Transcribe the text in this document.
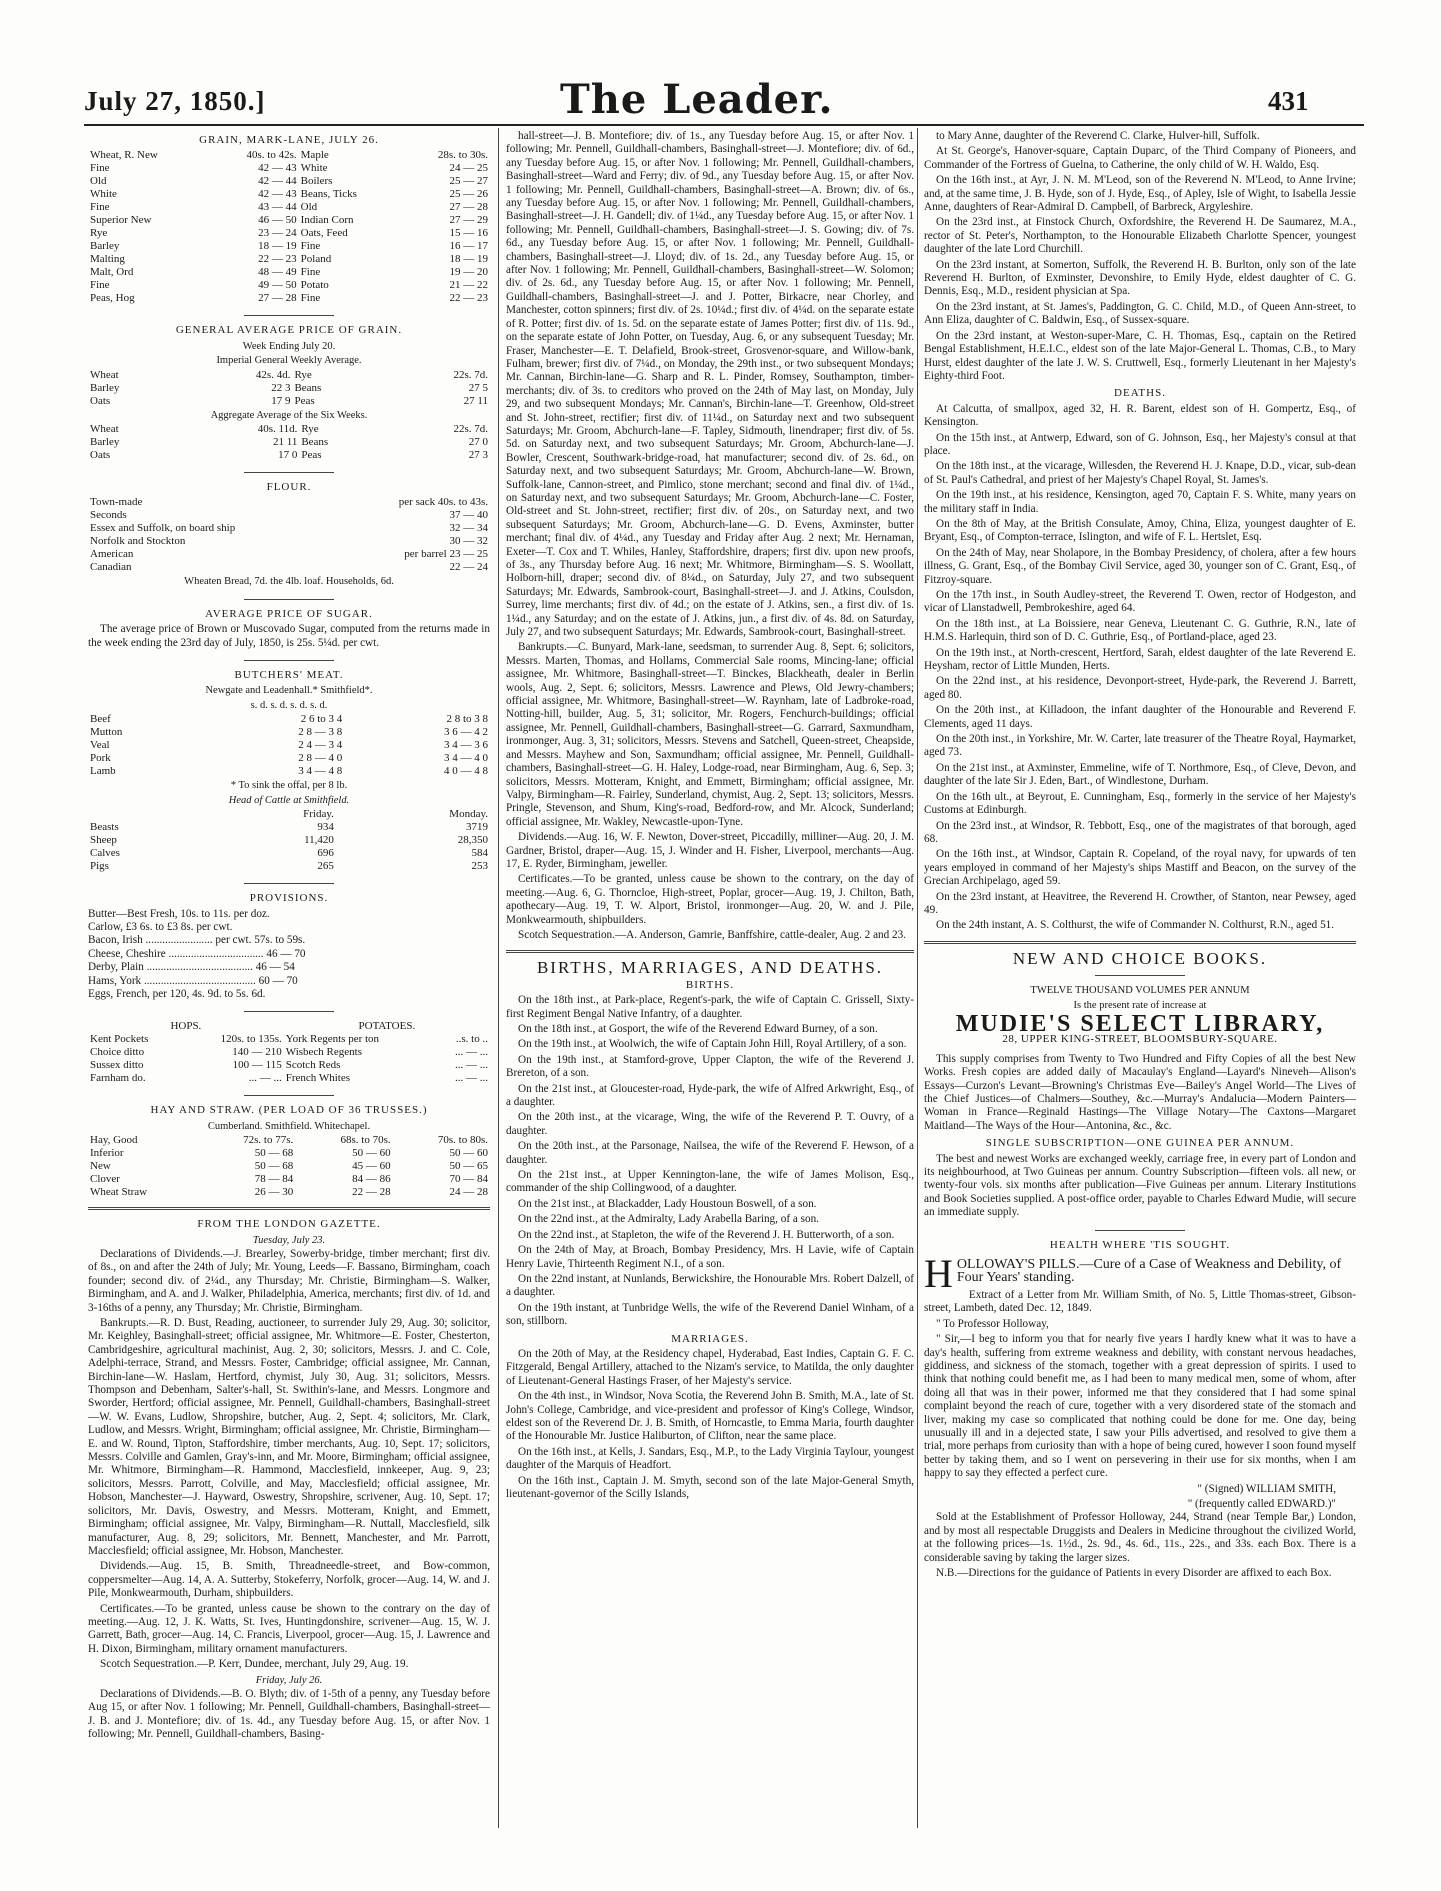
July 27, 1850.]	The Leader.	431
GRAIN, MARK-LANE, JULY 26.
Wheat, R. New	40s. to 42s.	Maple	28s. to 30s.
Fine	42 — 43	White	24 — 25
Old	42 — 44	Boilers	25 — 27
White	42 — 43	Beans, Ticks	25 — 26
Fine	43 — 44	Old	27 — 28
Superior New	46 — 50	Indian Corn	27 — 29
Rye	23 — 24	Oats, Feed	15 — 16
Barley	18 — 19	Fine	16 — 17
Malting	22 — 23	Poland	18 — 19
Malt, Ord	48 — 49	Fine	19 — 20
Fine	49 — 50	Potato	21 — 22
Peas, Hog	27 — 28	Fine	22 — 23
GENERAL AVERAGE PRICE OF GRAIN.
Week Ending July 20.
Imperial General Weekly Average.
Wheat	42s. 4d.	Rye	22s. 7d.
Barley	22 3	Beans	27 5
Oats	17 9	Peas	27 11
Aggregate Average of the Six Weeks.
Wheat	40s. 11d.	Rye	22s. 7d.
Barley	21 11	Beans	27 0
Oats	17 0	Peas	27 3
FLOUR.
Town-made	per sack 40s. to 43s.
Seconds	37 — 40
Essex and Suffolk, on board ship	32 — 34
Norfolk and Stockton	30 — 32
American	per barrel 23 — 25
Canadian	22 — 24
Wheaten Bread, 7d. the 4lb. loaf. Households, 6d.
AVERAGE PRICE OF SUGAR.

The average price of Brown or Muscovado Sugar, computed from the returns made in the week ending the 23rd day of July, 1850, is 25s. 5¼d. per cwt.

BUTCHERS' MEAT.
Newgate and Leadenhall.* Smithfield*.
s. d. s. d. s. d. s. d.
Beef	2 6 to 3 4	2 8 to 3 8
Mutton	2 8 — 3 8	3 6 — 4 2
Veal	2 4 — 3 4	3 4 — 3 6
Pork	2 8 — 4 0	3 4 — 4 0
Lamb	3 4 — 4 8	4 0 — 4 8
* To sink the offal, per 8 lb.
Head of Cattle at Smithfield.
	Friday.	Monday.
Beasts	934	3719
Sheep	11,420	28,350
Calves	696	584
Pigs	265	253
PROVISIONS.
Butter—Best Fresh, 10s. to 11s. per doz.
Carlow, £3 6s. to £3 8s. per cwt.
Bacon, Irish ........................ per cwt. 57s. to 59s.
Cheese, Cheshire .................................. 46 — 70
Derby, Plain ...................................... 46 — 54
Hams, York ........................................ 60 — 70
Eggs, French, per 120, 4s. 9d. to 5s. 6d.
HOPS.		POTATOES.	
Kent Pockets	120s. to 135s.	York Regents per ton	..s. to ..
Choice ditto	140 — 210	Wisbech Regents	... — ...
Sussex ditto	100 — 115	Scotch Reds	... — ...
Farnham do.	... — ...	French Whites	... — ...
HAY AND STRAW. (PER LOAD OF 36 TRUSSES.)
Cumberland. Smithfield. Whitechapel.
Hay, Good	72s. to 77s.	68s. to 70s.	70s. to 80s.
Inferior	50 — 68	50 — 60	50 — 60
New	50 — 68	45 — 60	50 — 65
Clover	78 — 84	84 — 86	70 — 84
Wheat Straw	26 — 30	22 — 28	24 — 28
FROM THE LONDON GAZETTE.
Tuesday, July 23.

Declarations of Dividends.—J. Brearley, Sowerby-bridge, timber merchant; first div. of 8s., on and after the 24th of July; Mr. Young, Leeds—F. Bassano, Birmingham, coach founder; second div. of 2¼d., any Thursday; Mr. Christie, Birmingham—S. Walker, Birmingham, and A. and J. Walker, Philadelphia, America, merchants; first div. of 1d. and 3-16ths of a penny, any Thursday; Mr. Christie, Birmingham.

Bankrupts.—R. D. Bust, Reading, auctioneer, to surrender July 29, Aug. 30; solicitor, Mr. Keighley, Basinghall-street; official assignee, Mr. Whitmore—E. Foster, Chesterton, Cambridgeshire, agricultural machinist, Aug. 2, 30; solicitors, Messrs. J. and C. Cole, Adelphi-terrace, Strand, and Messrs. Foster, Cambridge; official assignee, Mr. Cannan, Birchin-lane—W. Haslam, Hertford, chymist, July 30, Aug. 31; solicitors, Messrs. Thompson and Debenham, Salter's-hall, St. Swithin's-lane, and Messrs. Longmore and Sworder, Hertford; official assignee, Mr. Pennell, Guildhall-chambers, Basinghall-street—W. W. Evans, Ludlow, Shropshire, butcher, Aug. 2, Sept. 4; solicitors, Mr. Clark, Ludlow, and Messrs. Wright, Birmingham; official assignee, Mr. Christie, Birmingham—E. and W. Round, Tipton, Staffordshire, timber merchants, Aug. 10, Sept. 17; solicitors, Messrs. Colville and Gamlen, Gray's-inn, and Mr. Moore, Birmingham; official assignee, Mr. Whitmore, Birmingham—R. Hammond, Macclesfield, innkeeper, Aug. 9, 23; solicitors, Messrs. Parrott, Colville, and May, Macclesfield; official assignee, Mr. Hobson, Manchester—J. Hayward, Oswestry, Shropshire, scrivener, Aug. 10, Sept. 17; solicitors, Mr. Davis, Oswestry, and Messrs. Motteram, Knight, and Emmett, Birmingham; official assignee, Mr. Valpy, Birmingham—R. Nuttall, Macclesfield, silk manufacturer, Aug. 8, 29; solicitors, Mr. Bennett, Manchester, and Mr. Parrott, Macclesfield; official assignee, Mr. Hobson, Manchester.

Dividends.—Aug. 15, B. Smith, Threadneedle-street, and Bow-common, coppersmelter—Aug. 14, A. A. Sutterby, Stokeferry, Norfolk, grocer—Aug. 14, W. and J. Pile, Monkwearmouth, Durham, shipbuilders.

Certificates.—To be granted, unless cause be shown to the contrary on the day of meeting.—Aug. 12, J. K. Watts, St. Ives, Huntingdonshire, scrivener—Aug. 15, W. J. Garrett, Bath, grocer—Aug. 14, C. Francis, Liverpool, grocer—Aug. 15, J. Lawrence and H. Dixon, Birmingham, military ornament manufacturers.

Scotch Sequestration.—P. Kerr, Dundee, merchant, July 29, Aug. 19.

Friday, July 26.

Declarations of Dividends.—B. O. Blyth; div. of 1-5th of a penny, any Tuesday before Aug 15, or after Nov. 1 following; Mr. Pennell, Guildhall-chambers, Basinghall-street—J. B. and J. Montefiore; div. of 1s. 4d., any Tuesday before Aug. 15, or after Nov. 1 following; Mr. Pennell, Guildhall-chambers, Basing-

hall-street—J. B. Montefiore; div. of 1s., any Tuesday before Aug. 15, or after Nov. 1 following; Mr. Pennell, Guildhall-chambers, Basinghall-street—J. Montefiore; div. of 6d., any Tuesday before Aug. 15, or after Nov. 1 following; Mr. Pennell, Guildhall-chambers, Basinghall-street—Ward and Ferry; div. of 9d., any Tuesday before Aug. 15, or after Nov. 1 following; Mr. Pennell, Guildhall-chambers, Basinghall-street—A. Brown; div. of 6s., any Tuesday before Aug. 15, or after Nov. 1 following; Mr. Pennell, Guildhall-chambers, Basinghall-street—J. H. Gandell; div. of 1¼d., any Tuesday before Aug. 15, or after Nov. 1 following; Mr. Pennell, Guildhall-chambers, Basinghall-street—J. S. Gowing; div. of 7s. 6d., any Tuesday before Aug. 15, or after Nov. 1 following; Mr. Pennell, Guildhall-chambers, Basinghall-street—J. Lloyd; div. of 1s. 2d., any Tuesday before Aug. 15, or after Nov. 1 following; Mr. Pennell, Guildhall-chambers, Basinghall-street—W. Solomon; div. of 2s. 6d., any Tuesday before Aug. 15, or after Nov. 1 following; Mr. Pennell, Guildhall-chambers, Basinghall-street—J. and J. Potter, Birkacre, near Chorley, and Manchester, cotton spinners; first div. of 2s. 10¼d.; first div. of 4¼d. on the separate estate of R. Potter; first div. of 1s. 5d. on the separate estate of James Potter; first div. of 11s. 9d., on the separate estate of John Potter, on Tuesday, Aug. 6, or any subsequent Tuesday; Mr. Fraser, Manchester—E. T. Delafield, Brook-street, Grosvenor-square, and Willow-bank, Fulham, brewer; first div. of 7¼d., on Monday, the 29th inst., or two subsequent Mondays; Mr. Cannan, Birchin-lane—G. Sharp and R. L. Pinder, Romsey, Southampton, timber-merchants; div. of 3s. to creditors who proved on the 24th of May last, on Monday, July 29, and two subsequent Mondays; Mr. Cannan's, Birchin-lane—T. Greenhow, Old-street and St. John-street, rectifier; first div. of 11¼d., on Saturday next and two subsequent Saturdays; Mr. Groom, Abchurch-lane—F. Tapley, Sidmouth, linendraper; first div. of 5s. 5d. on Saturday next, and two subsequent Saturdays; Mr. Groom, Abchurch-lane—J. Bowler, Crescent, Southwark-bridge-road, hat manufacturer; second div. of 2s. 6d., on Saturday next, and two subsequent Saturdays; Mr. Groom, Abchurch-lane—W. Brown, Suffolk-lane, Cannon-street, and Pimlico, stone merchant; second and final div. of 1¼d., on Saturday next, and two subsequent Saturdays; Mr. Groom, Abchurch-lane—C. Foster, Old-street and St. John-street, rectifier; first div. of 20s., on Saturday next, and two subsequent Saturdays; Mr. Groom, Abchurch-lane—G. D. Evens, Axminster, butter merchant; final div. of 4¼d., any Tuesday and Friday after Aug. 2 next; Mr. Hernaman, Exeter—T. Cox and T. Whiles, Hanley, Staffordshire, drapers; first div. upon new proofs, of 3s., any Thursday before Aug. 16 next; Mr. Whitmore, Birmingham—S. S. Woollatt, Holborn-hill, draper; second div. of 8¼d., on Saturday, July 27, and two subsequent Saturdays; Mr. Edwards, Sambrook-court, Basinghall-street—J. and J. Atkins, Coulsdon, Surrey, lime merchants; first div. of 4d.; on the estate of J. Atkins, sen., a first div. of 1s. 1¼d., any Saturday; and on the estate of J. Atkins, jun., a first div. of 4s. 8d. on Saturday, July 27, and two subsequent Saturdays; Mr. Edwards, Sambrook-court, Basinghall-street.

Bankrupts.—C. Bunyard, Mark-lane, seedsman, to surrender Aug. 8, Sept. 6; solicitors, Messrs. Marten, Thomas, and Hollams, Commercial Sale rooms, Mincing-lane; official assignee, Mr. Whitmore, Basinghall-street—T. Binckes, Blackheath, dealer in Berlin wools, Aug. 2, Sept. 6; solicitors, Messrs. Lawrence and Plews, Old Jewry-chambers; official assignee, Mr. Whitmore, Basinghall-street—W. Raynham, late of Ladbroke-road, Notting-hill, builder, Aug. 5, 31; solicitor, Mr. Rogers, Fenchurch-buildings; official assignee, Mr. Pennell, Guildhall-chambers, Basinghall-street—G. Garrard, Saxmundham, ironmonger, Aug. 3, 31; solicitors, Messrs. Stevens and Satchell, Queen-street, Cheapside, and Messrs. Mayhew and Son, Saxmundham; official assignee, Mr. Pennell, Guildhall-chambers, Basinghall-street—G. H. Haley, Lodge-road, near Birmingham, Aug. 6, Sep. 3; solicitors, Messrs. Motteram, Knight, and Emmett, Birmingham; official assignee, Mr. Valpy, Birmingham—R. Fairley, Sunderland, chymist, Aug. 2, Sept. 13; solicitors, Messrs. Pringle, Stevenson, and Shum, King's-road, Bedford-row, and Mr. Alcock, Sunderland; official assignee, Mr. Wakley, Newcastle-upon-Tyne.

Dividends.—Aug. 16, W. F. Newton, Dover-street, Piccadilly, milliner—Aug. 20, J. M. Gardner, Bristol, draper—Aug. 15, J. Winder and H. Fisher, Liverpool, merchants—Aug. 17, E. Ryder, Birmingham, jeweller.

Certificates.—To be granted, unless cause be shown to the contrary, on the day of meeting.—Aug. 6, G. Thorncloe, High-street, Poplar, grocer—Aug. 19, J. Chilton, Bath, apothecary—Aug. 19, T. W. Alport, Bristol, ironmonger—Aug. 20, W. and J. Pile, Monkwearmouth, shipbuilders.

Scotch Sequestration.—A. Anderson, Gamrie, Banffshire, cattle-dealer, Aug. 2 and 23.

BIRTHS, MARRIAGES, AND DEATHS.
BIRTHS.

On the 18th inst., at Park-place, Regent's-park, the wife of Captain C. Grissell, Sixty-first Regiment Bengal Native Infantry, of a daughter.

On the 18th inst., at Gosport, the wife of the Reverend Edward Burney, of a son.

On the 19th inst., at Woolwich, the wife of Captain John Hill, Royal Artillery, of a son.

On the 19th inst., at Stamford-grove, Upper Clapton, the wife of the Reverend J. Brereton, of a son.

On the 21st inst., at Gloucester-road, Hyde-park, the wife of Alfred Arkwright, Esq., of a daughter.

On the 20th inst., at the vicarage, Wing, the wife of the Reverend P. T. Ouvry, of a daughter.

On the 20th inst., at the Parsonage, Nailsea, the wife of the Reverend F. Hewson, of a daughter.

On the 21st inst., at Upper Kennington-lane, the wife of James Molison, Esq., commander of the ship Collingwood, of a daughter.

On the 21st inst., at Blackadder, Lady Houstoun Boswell, of a son.

On the 22nd inst., at the Admiralty, Lady Arabella Baring, of a son.

On the 22nd inst., at Stapleton, the wife of the Reverend J. H. Butterworth, of a son.

On the 24th of May, at Broach, Bombay Presidency, Mrs. H Lavie, wife of Captain Henry Lavie, Thirteenth Regiment N.I., of a son.

On the 22nd instant, at Nunlands, Berwickshire, the Honourable Mrs. Robert Dalzell, of a daughter.

On the 19th instant, at Tunbridge Wells, the wife of the Reverend Daniel Winham, of a son, stillborn.

MARRIAGES.

On the 20th of May, at the Residency chapel, Hyderabad, East Indies, Captain G. F. C. Fitzgerald, Bengal Artillery, attached to the Nizam's service, to Matilda, the only daughter of Lieutenant-General Hastings Fraser, of her Majesty's service.

On the 4th inst., in Windsor, Nova Scotia, the Reverend John B. Smith, M.A., late of St. John's College, Cambridge, and vice-president and professor of King's College, Windsor, eldest son of the Reverend Dr. J. B. Smith, of Horncastle, to Emma Maria, fourth daughter of the Honourable Mr. Justice Haliburton, of Clifton, near the same place.

On the 16th inst., at Kells, J. Sandars, Esq., M.P., to the Lady Virginia Taylour, youngest daughter of the Marquis of Headfort.

On the 16th inst., Captain J. M. Smyth, second son of the late Major-General Smyth, lieutenant-governor of the Scilly Islands,

to Mary Anne, daughter of the Reverend C. Clarke, Hulver-hill, Suffolk.

At St. George's, Hanover-square, Captain Duparc, of the Third Company of Pioneers, and Commander of the Fortress of Guelna, to Catherine, the only child of W. H. Waldo, Esq.

On the 16th inst., at Ayr, J. N. M. M'Leod, son of the Reverend N. M'Leod, to Anne Irvine; and, at the same time, J. B. Hyde, son of J. Hyde, Esq., of Apley, Isle of Wight, to Isabella Jessie Anne, daughters of Rear-Admiral D. Campbell, of Barbreck, Argyleshire.

On the 23rd inst., at Finstock Church, Oxfordshire, the Reverend H. De Saumarez, M.A., rector of St. Peter's, Northampton, to the Honourable Elizabeth Charlotte Spencer, youngest daughter of the late Lord Churchill.

On the 23rd instant, at Somerton, Suffolk, the Reverend H. B. Burlton, only son of the late Reverend H. Burlton, of Exminster, Devonshire, to Emily Hyde, eldest daughter of C. G. Dennis, Esq., M.D., resident physician at Spa.

On the 23rd instant, at St. James's, Paddington, G. C. Child, M.D., of Queen Ann-street, to Ann Eliza, daughter of C. Baldwin, Esq., of Sussex-square.

On the 23rd instant, at Weston-super-Mare, C. H. Thomas, Esq., captain on the Retired Bengal Establishment, H.E.I.C., eldest son of the late Major-General L. Thomas, C.B., to Mary Hurst, eldest daughter of the late J. W. S. Cruttwell, Esq., formerly Lieutenant in her Majesty's Eighty-third Foot.

DEATHS.

At Calcutta, of smallpox, aged 32, H. R. Barent, eldest son of H. Gompertz, Esq., of Kensington.

On the 15th inst., at Antwerp, Edward, son of G. Johnson, Esq., her Majesty's consul at that place.

On the 18th inst., at the vicarage, Willesden, the Reverend H. J. Knape, D.D., vicar, sub-dean of St. Paul's Cathedral, and priest of her Majesty's Chapel Royal, St. James's.

On the 19th inst., at his residence, Kensington, aged 70, Captain F. S. White, many years on the military staff in India.

On the 8th of May, at the British Consulate, Amoy, China, Eliza, youngest daughter of E. Bryant, Esq., of Compton-terrace, Islington, and wife of F. L. Hertslet, Esq.

On the 24th of May, near Sholapore, in the Bombay Presidency, of cholera, after a few hours illness, G. Grant, Esq., of the Bombay Civil Service, aged 30, younger son of C. Grant, Esq., of Fitzroy-square.

On the 17th inst., in South Audley-street, the Reverend T. Owen, rector of Hodgeston, and vicar of Llanstadwell, Pembrokeshire, aged 64.

On the 18th inst., at La Boissiere, near Geneva, Lieutenant C. G. Guthrie, R.N., late of H.M.S. Harlequin, third son of D. C. Guthrie, Esq., of Portland-place, aged 23.

On the 19th inst., at North-crescent, Hertford, Sarah, eldest daughter of the late Reverend E. Heysham, rector of Little Munden, Herts.

On the 22nd inst., at his residence, Devonport-street, Hyde-park, the Reverend J. Barrett, aged 80.

On the 20th inst., at Killadoon, the infant daughter of the Honourable and Reverend F. Clements, aged 11 days.

On the 20th inst., in Yorkshire, Mr. W. Carter, late treasurer of the Theatre Royal, Haymarket, aged 73.

On the 21st inst., at Axminster, Emmeline, wife of T. Northmore, Esq., of Cleve, Devon, and daughter of the late Sir J. Eden, Bart., of Windlestone, Durham.

On the 16th ult., at Beyrout, E. Cunningham, Esq., formerly in the service of her Majesty's Customs at Edinburgh.

On the 23rd inst., at Windsor, R. Tebbott, Esq., one of the magistrates of that borough, aged 68.

On the 16th inst., at Windsor, Captain R. Copeland, of the royal navy, for upwards of ten years employed in command of her Majesty's ships Mastiff and Beacon, on the survey of the Grecian Archipelago, aged 59.

On the 23rd instant, at Heavitree, the Reverend H. Crowther, of Stanton, near Pewsey, aged 49.

On the 24th instant, A. S. Colthurst, the wife of Commander N. Colthurst, R.N., aged 51.

NEW AND CHOICE BOOKS.
TWELVE THOUSAND VOLUMES PER ANNUM
Is the present rate of increase at
MUDIE'S SELECT LIBRARY,
28, UPPER KING-STREET, BLOOMSBURY-SQUARE.

This supply comprises from Twenty to Two Hundred and Fifty Copies of all the best New Works. Fresh copies are added daily of Macaulay's England—Layard's Nineveh—Alison's Essays—Curzon's Levant—Browning's Christmas Eve—Bailey's Angel World—The Lives of the Chief Justices—of Chalmers—Southey, &c.—Murray's Andalucia—Modern Painters—Woman in France—Reginald Hastings—The Village Notary—The Caxtons—Margaret Maitland—The Ways of the Hour—Antonina, &c., &c.

SINGLE SUBSCRIPTION—ONE GUINEA PER ANNUM.

The best and newest Works are exchanged weekly, carriage free, in every part of London and its neighbourhood, at Two Guineas per annum. Country Subscription—fifteen vols. all new, or twenty-four vols. six months after publication—Five Guineas per annum. Literary Institutions and Book Societies supplied. A post-office order, payable to Charles Edward Mudie, will secure an immediate supply.

HEALTH WHERE 'TIS SOUGHT.
H OLLOWAY'S PILLS.—Cure of a Case of Weakness and Debility, of Four Years' standing.

Extract of a Letter from Mr. William Smith, of No. 5, Little Thomas-street, Gibson-street, Lambeth, dated Dec. 12, 1849.

" To Professor Holloway,

" Sir,—I beg to inform you that for nearly five years I hardly knew what it was to have a day's health, suffering from extreme weakness and debility, with constant nervous headaches, giddiness, and sickness of the stomach, together with a great depression of spirits. I used to think that nothing could benefit me, as I had been to many medical men, some of whom, after doing all that was in their power, informed me that they considered that I had some spinal complaint beyond the reach of cure, together with a very disordered state of the stomach and liver, making my case so complicated that nothing could be done for me. One day, being unusually ill and in a dejected state, I saw your Pills advertised, and resolved to give them a trial, more perhaps from curiosity than with a hope of being cured, however I soon found myself better by taking them, and so I went on persevering in their use for six months, when I am happy to say they effected a perfect cure.

" (Signed) WILLIAM SMITH,
" (frequently called EDWARD.)"

Sold at the Establishment of Professor Holloway, 244, Strand (near Temple Bar,) London, and by most all respectable Druggists and Dealers in Medicine throughout the civilized World, at the following prices—1s. 1½d., 2s. 9d., 4s. 6d., 11s., 22s., and 33s. each Box. There is a considerable saving by taking the larger sizes.

N.B.—Directions for the guidance of Patients in every Disorder are affixed to each Box.
